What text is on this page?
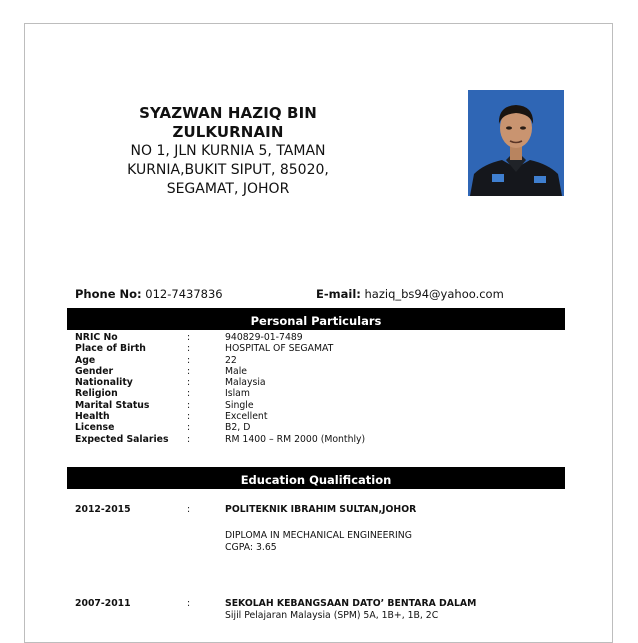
SYAZWAN HAZIQ BIN ZULKURNAIN
NO 1, JLN KURNIA 5, TAMAN
KURNIA,BUKIT SIPUT, 85020,
SEGAMAT, JOHOR
Phone No: 012-7437836	E-mail: haziq_bs94@yahoo.com
Personal Particulars
NRIC No	:	940829-01-7489
Place of Birth	:	HOSPITAL OF SEGAMAT
Age	:	22
Gender	:	Male
Nationality	:	Malaysia
Religion	:	Islam
Marital Status	:	Single
Health	:	Excellent
License	:	B2, D
Expected Salaries	:	RM 1400 – RM 2000 (Monthly)
Education Qualification
2012-2015	:	POLITEKNIK IBRAHIM SULTAN,JOHOR
DIPLOMA IN MECHANICAL ENGINEERING
CGPA: 3.65
2007-2011	:	SEKOLAH KEBANGSAAN DATO’ BENTARA DALAM
Sijil Pelajaran Malaysia (SPM) 5A, 1B+, 1B, 2C
